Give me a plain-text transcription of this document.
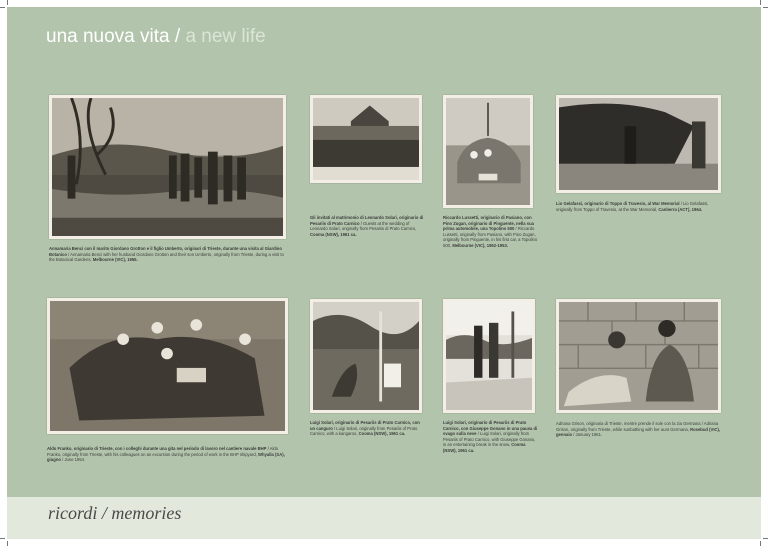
una nuova vita / a new life
Annamaria Benci con il marito Giordano Grotton e il figlio Umberto, originari di Trieste, durante una visita al Giardino Botanico / Annamaria Benci with her husband Giordano Grotton and their son Umberto, originally from Trieste, during a visit to the Botanical Gardens, Melbourne (VIC), 1955.
Gli invitati al matrimonio di Leonardo Solari, originario di Pesariis di Prato Carnico / Guests at the wedding of Leonardo Solari, originally from Pesariis di Prato Carnico, Cooma (NSW), 1961 ca.
Riccardo Lussetti, originario di Pasiano, con Pino Zugan, originario di Pinguente, nella sua prima automobile, una Topolino 500 / Riccardo Lussetti, originally from Pasiano, with Pino Zugan, originally from Pinguente, in his first car, a Topolino 500, Melbourne (VIC), 1952-1953.
Lio Gelafassi, originario di Toppo di Travesio, al War Memorial / Lio Gelafassi, originally from Toppo of Travesio, at the War Memorial, Canberra (ACT), 1964.
Aldo Franko, originario di Trieste, con i colleghi durante una gita nel periodo di lavoro nel cantiere navale BHP / Aldo Franko, originally from Trieste, with his colleagues on an excursion during the period of work in the BHP shipyard, Whyalla (SA), giugno / June 1954.
Luigi Solari, originario di Pesariis di Prato Carnico, con un canguro / Luigi Solari, originally from Pesariis of Prato Carnico, with a kangaroo, Cooma (NSW), 1961 ca.
Luigi Solari, originario di Pesariis di Prato Carnico, con Giuseppe Gonano in una pausa di svago sulla neve / Luigi Solari, originally from Pesariis of Prato Carnico, with Giuseppe Gonano, in an entertaining break in the snow, Cooma (NSW), 1961 ca.
Adriana Grison, originaria di Trieste, mentre prende il sole con la zia Germana / Adriana Grison, originally from Trieste, while sunbathing with her aunt Germana, Rosebud (VIC), gennaio / January 1961.
ricordi / memories
